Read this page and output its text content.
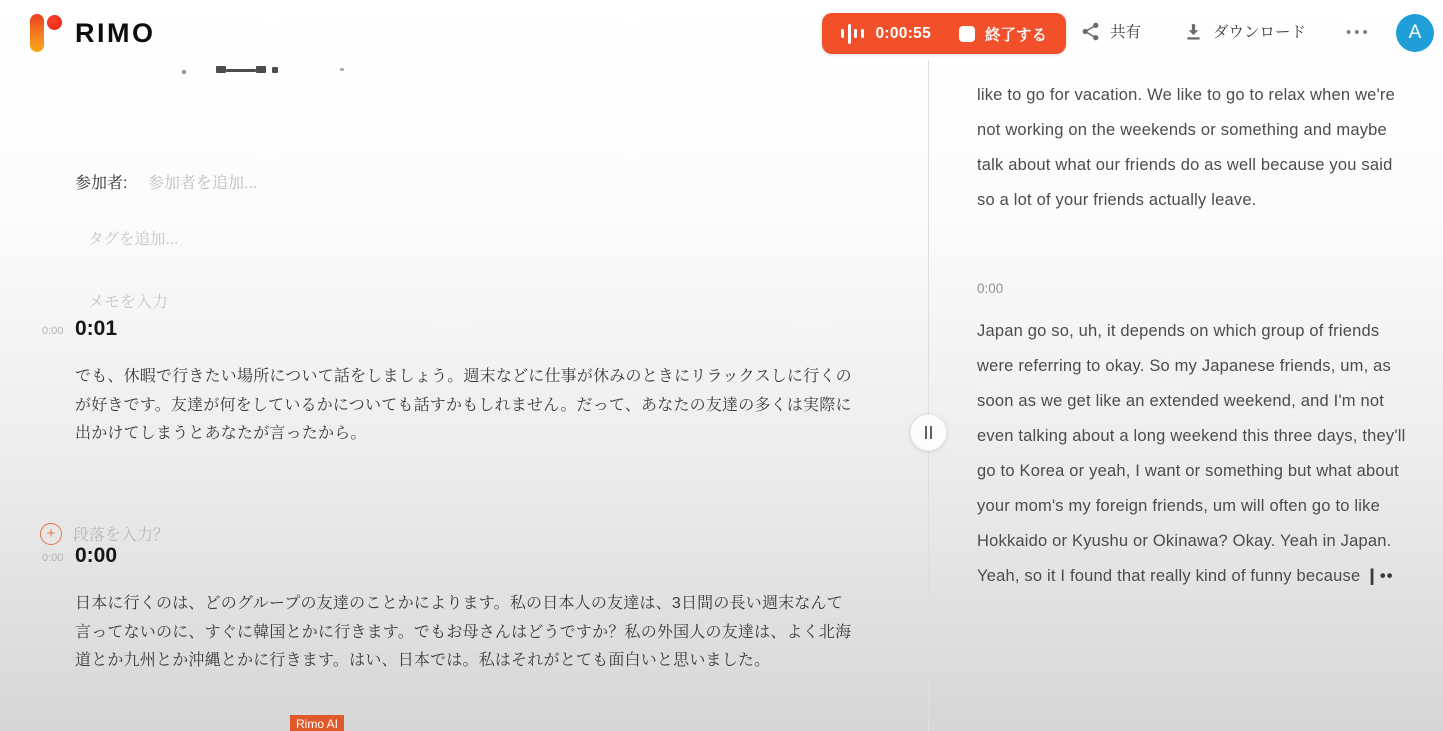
RIMO	0:00:55	終了する	共有	ダウンロード	•••	A
参加者: 参加者を追加...
タグを追加...
メモを入力
0:00 0:01

でも、休暇で行きたい場所について話をしましょう。週末などに仕事が休みのときにリラックスしに行くのが好きです。友達が何をしているかについても話すかもしれません。だって、あなたの友達の多くは実際に出かけてしまうとあなたが言ったから。

+	段落を入力？
0:00 0:00

日本に行くのは、どのグループの友達のことかによります。私の日本人の友達は、3日間の長い週末なんて言ってないのに、すぐに韓国とかに行きます。でもお母さんはどうですか？私の外国人の友達は、よく北海道とか九州とか沖縄とかに行きます。はい、日本では。私はそれがとても面白いと思いました。

Rimo AI

like to go for vacation. We like to go to relax when we're not working on the weekends or something and maybe talk about what our friends do as well because you said so a lot of your friends actually leave.

0:00

Japan go so, uh, it depends on which group of friends were referring to okay. So my Japanese friends, um, as soon as we get like an extended weekend, and I'm not even talking about a long weekend this three days, they'll go to Korea or yeah, I want or something but what about your mom's my foreign friends, um will often go to like Hokkaido or Kyushu or Okinawa? Okay. Yeah in Japan. Yeah, so it I found that really kind of funny because ❙••
